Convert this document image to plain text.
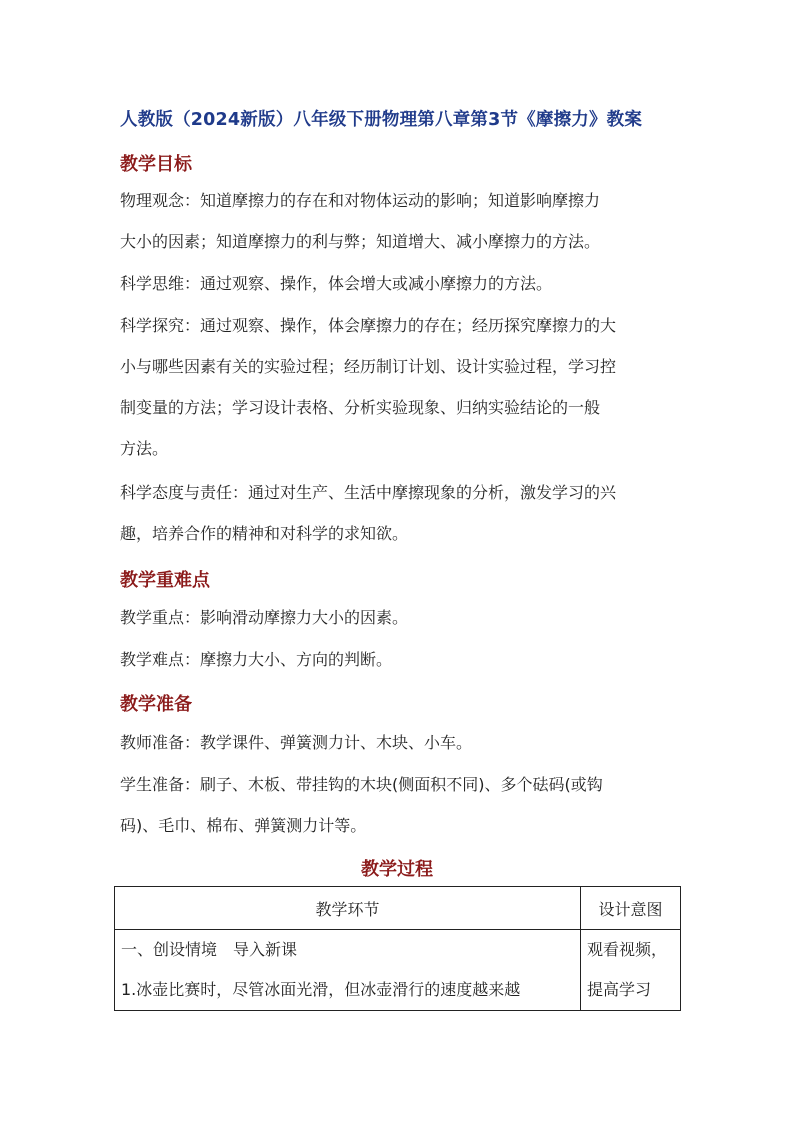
人教版（2024新版）八年级下册物理第八章第3节《摩擦力》教案
教学目标
物理观念：知道摩擦力的存在和对物体运动的影响；知道影响摩擦力
大小的因素；知道摩擦力的利与弊；知道增大、减小摩擦力的方法。
科学思维：通过观察、操作，体会增大或减小摩擦力的方法。
科学探究：通过观察、操作，体会摩擦力的存在；经历探究摩擦力的大
小与哪些因素有关的实验过程；经历制订计划、设计实验过程，学习控
制变量的方法；学习设计表格、分析实验现象、归纳实验结论的一般
方法。
科学态度与责任：通过对生产、生活中摩擦现象的分析，激发学习的兴
趣，培养合作的精神和对科学的求知欲。
教学重难点
教学重点：影响滑动摩擦力大小的因素。
教学难点：摩擦力大小、方向的判断。
教学准备
教师准备：教学课件、弹簧测力计、木块、小车。
学生准备：刷子、木板、带挂钩的木块(侧面积不同)、多个砝码(或钩
码)、毛巾、棉布、弹簧测力计等。
教学过程
教学环节	设计意图

一、创设情境　导入新课
1.冰壶比赛时，尽管冰面光滑，但冰壶滑行的速度越来越	观看视频，
提高学习
